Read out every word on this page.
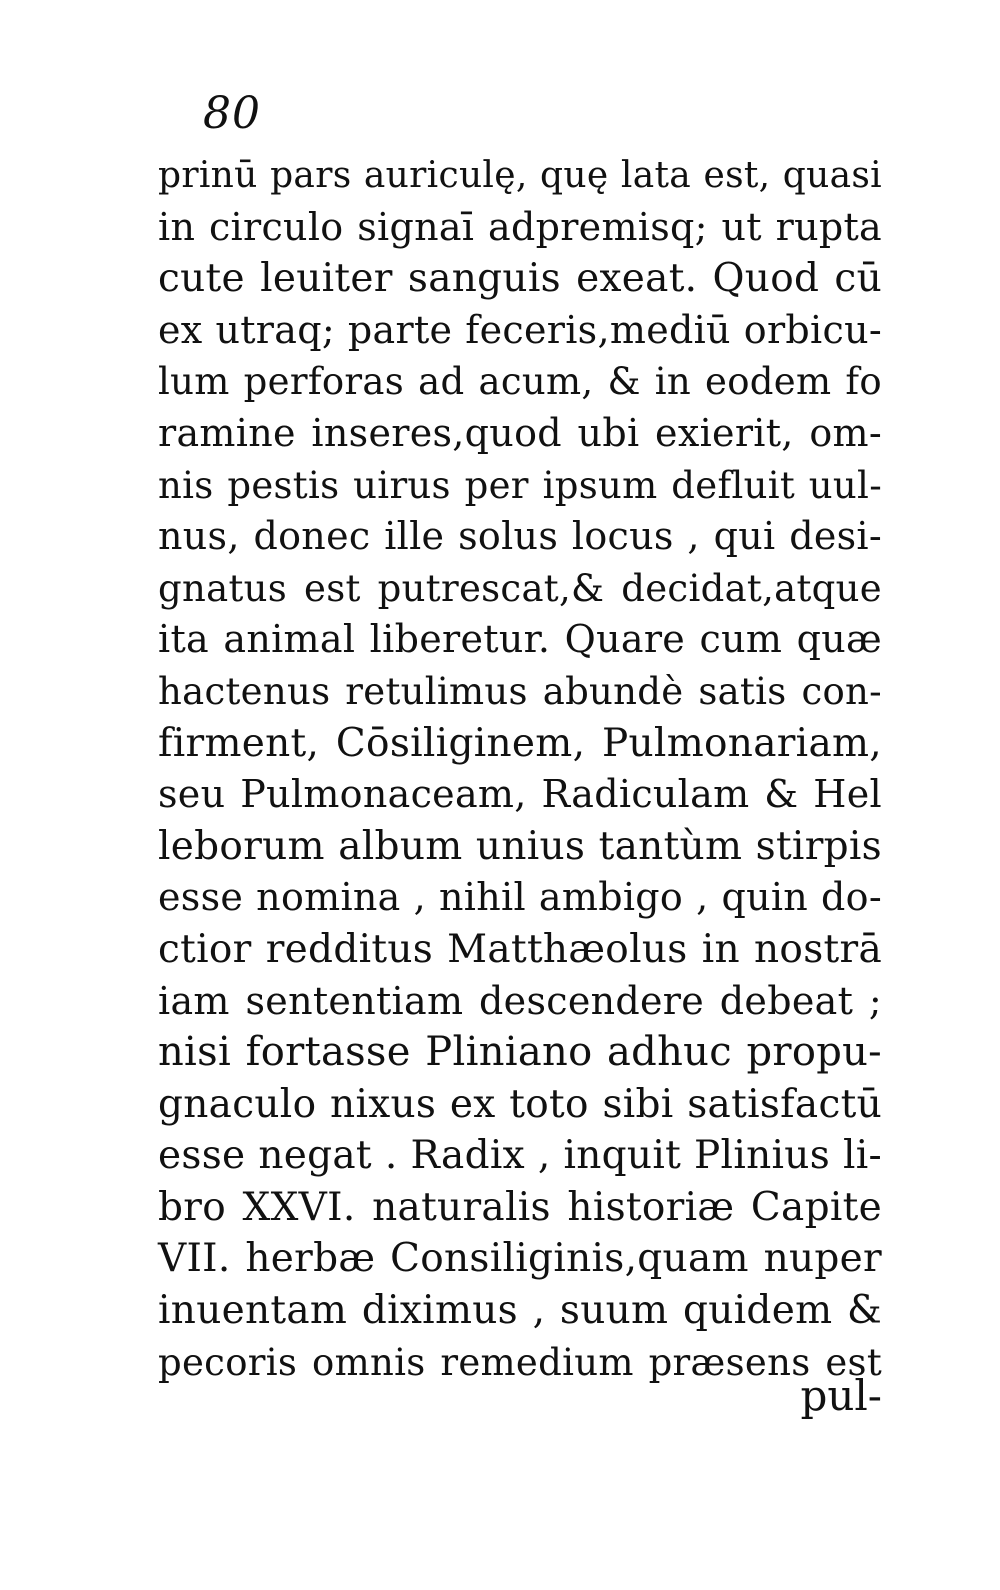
80
prinū pars auriculę, quę lata est, quasi
in circulo signaī adpremisq; ut rupta
cute leuiter sanguis exeat. Quod cū
ex utraq; parte feceris,mediū orbicu-
lum perforas ad acum, & in eodem fo
ramine inseres,quod ubi exierit, om-
nis pestis uirus per ipsum defluit uul-
nus, donec ille solus locus , qui desi-
gnatus est putrescat,& decidat,atque
ita animal liberetur. Quare cum quæ
hactenus retulimus abundè satis con-
firment, Cōsiliginem, Pulmonariam,
seu Pulmonaceam, Radiculam & Hel
leborum album unius tantùm stirpis
esse nomina , nihil ambigo , quin do-
ctior redditus Matthæolus in nostrā
iam sententiam descendere debeat ;
nisi fortasse Pliniano adhuc propu-
gnaculo nixus ex toto sibi satisfactū
esse negat . Radix , inquit Plinius li-
bro XXVI. naturalis historiæ Capite
VII. herbæ Consiliginis,quam nuper
inuentam diximus , suum quidem &
pecoris omnis remedium præsens est
pul-
